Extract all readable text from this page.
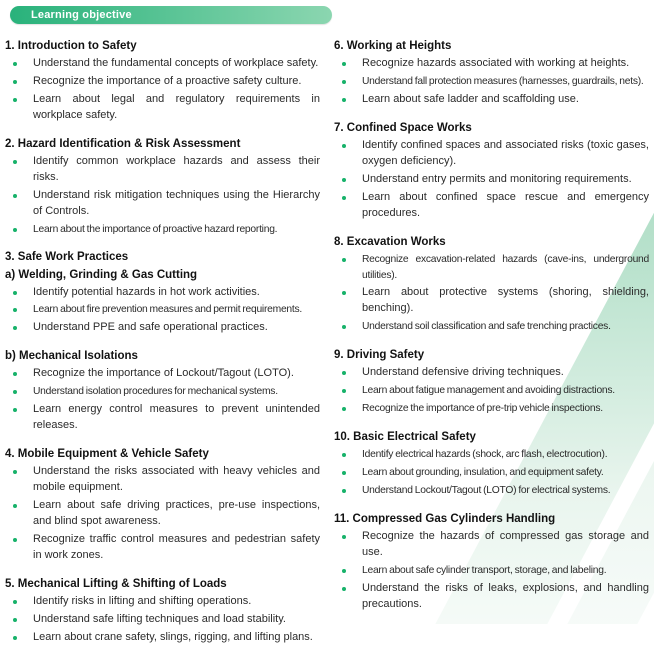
Learning objective
1. Introduction to Safety
Understand the fundamental concepts of workplace safety.
Recognize the importance of a proactive safety culture.
Learn about legal and regulatory requirements in workplace safety.
2. Hazard Identification & Risk Assessment
Identify common workplace hazards and assess their risks.
Understand risk mitigation techniques using the Hierarchy of Controls.
Learn about the importance of proactive hazard reporting.
3. Safe Work Practices
a) Welding, Grinding & Gas Cutting
Identify potential hazards in hot work activities.
Learn about fire prevention measures and permit requirements.
Understand PPE and safe operational practices.
b) Mechanical Isolations
Recognize the importance of Lockout/Tagout (LOTO).
Understand isolation procedures for mechanical systems.
Learn energy control measures to prevent unintended releases.
4. Mobile Equipment & Vehicle Safety
Understand the risks associated with heavy vehicles and mobile equipment.
Learn about safe driving practices, pre-use inspections, and blind spot awareness.
Recognize traffic control measures and pedestrian safety in work zones.
5. Mechanical Lifting & Shifting of Loads
Identify risks in lifting and shifting operations.
Understand safe lifting techniques and load stability.
Learn about crane safety, slings, rigging, and lifting plans.
6. Working at Heights
Recognize hazards associated with working at heights.
Understand fall protection measures (harnesses, guardrails, nets).
Learn about safe ladder and scaffolding use.
7. Confined Space Works
Identify confined spaces and associated risks (toxic gases, oxygen deficiency).
Understand entry permits and monitoring requirements.
Learn about confined space rescue and emergency procedures.
8. Excavation Works
Recognize excavation-related hazards (cave-ins, underground utilities).
Learn about protective systems (shoring, shielding, benching).
Understand soil classification and safe trenching practices.
9. Driving Safety
Understand defensive driving techniques.
Learn about fatigue management and avoiding distractions.
Recognize the importance of pre-trip vehicle inspections.
10. Basic Electrical Safety
Identify electrical hazards (shock, arc flash, electrocution).
Learn about grounding, insulation, and equipment safety.
Understand Lockout/Tagout (LOTO) for electrical systems.
11. Compressed Gas Cylinders Handling
Recognize the hazards of compressed gas storage and use.
Learn about safe cylinder transport, storage, and labeling.
Understand the risks of leaks, explosions, and handling precautions.
